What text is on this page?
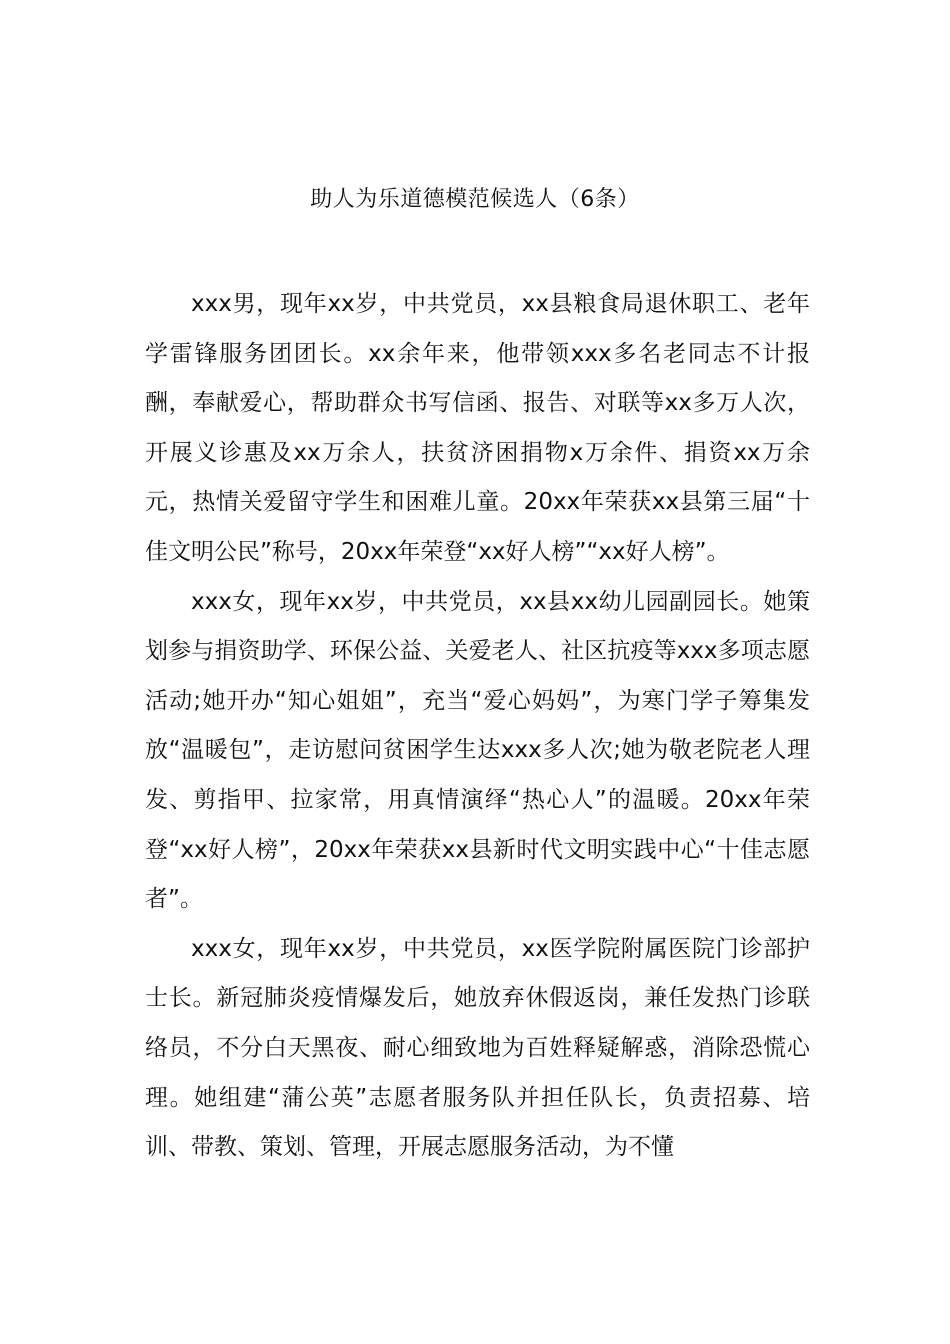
助人为乐道德模范候选人（6条）

xxx男，现年xx岁，中共党员，xx县粮食局退休职工、老年学雷锋服务团团长。xx余年来，他带领xxx多名老同志不计报酬，奉献爱心，帮助群众书写信函、报告、对联等xx多万人次，开展义诊惠及xx万余人，扶贫济困捐物x万余件、捐资xx万余元，热情关爱留守学生和困难儿童。20xx年荣获xx县第三届“十佳文明公民”称号，20xx年荣登“xx好人榜”“xx好人榜”。

xxx女，现年xx岁，中共党员，xx县xx幼儿园副园长。她策划参与捐资助学、环保公益、关爱老人、社区抗疫等xxx多项志愿活动;她开办“知心姐姐”，充当“爱心妈妈”，为寒门学子筹集发放“温暖包”，走访慰问贫困学生达xxx多人次;她为敬老院老人理发、剪指甲、拉家常，用真情演绎“热心人”的温暖。20xx年荣登“xx好人榜”，20xx年荣获xx县新时代文明实践中心“十佳志愿者”。

xxx女，现年xx岁，中共党员，xx医学院附属医院门诊部护士长。新冠肺炎疫情爆发后，她放弃休假返岗，兼任发热门诊联络员，不分白天黑夜、耐心细致地为百姓释疑解惑，消除恐慌心理。她组建“蒲公英”志愿者服务队并担任队长，负责招募、培训、带教、策划、管理，开展志愿服务活动，为不懂
